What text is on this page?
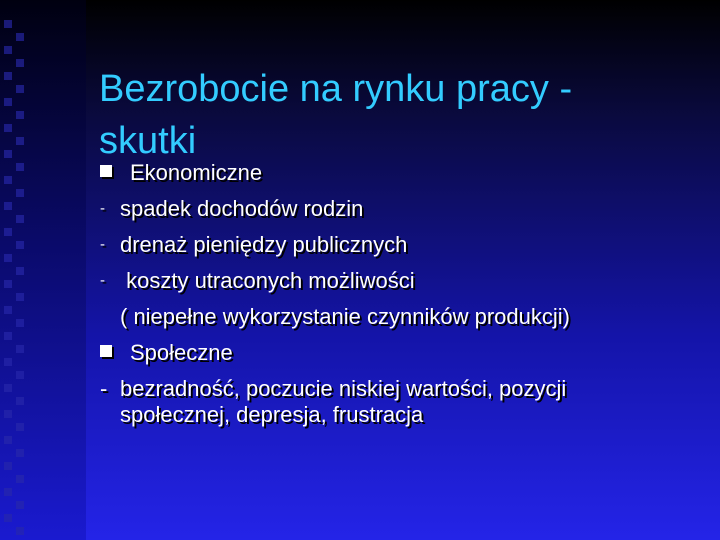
Bezrobocie na rynku pracy - skutki
Ekonomiczne
- spadek dochodów rodzin
- drenaż pieniędzy publicznych
- koszty utraconych możliwości
( niepełne wykorzystanie czynników produkcji)
Społeczne
- bezradność, poczucie niskiej wartości, pozycji społecznej, depresja, frustracja
